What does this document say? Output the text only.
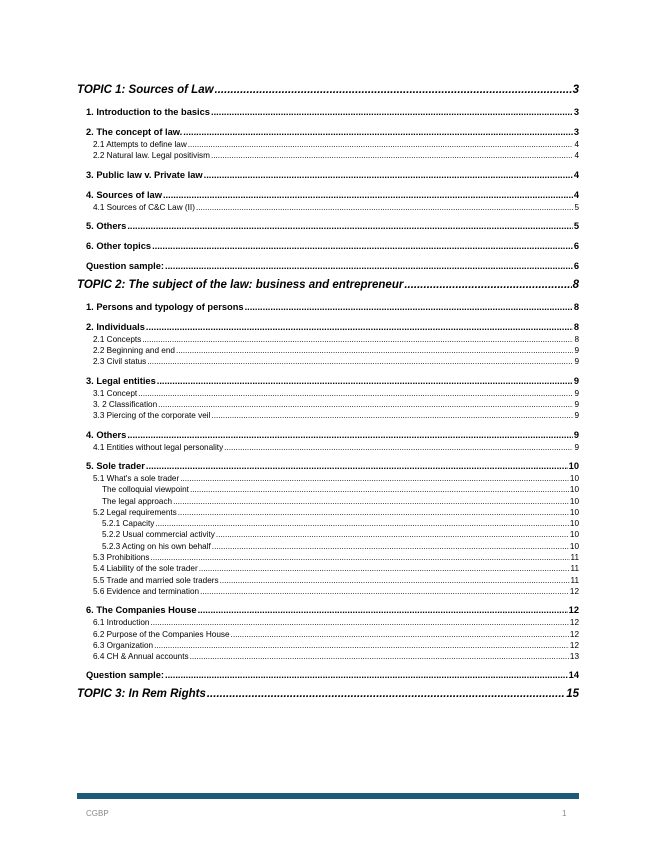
TOPIC 1: Sources of Law .....	3
1. Introduction to the basics .....	3
2. The concept of law. .....	3
2.1 Attempts to define law .....	4
2.2 Natural law. Legal positivism .....	4
3. Public law v. Private law .....	4
4. Sources of law .....	4
4.1 Sources of C&C Law (II) .....	5
5. Others .....	5
6. Other topics .....	6
Question sample: .....	6
TOPIC 2: The subject of the law: business and entrepreneur .....	8
1. Persons and typology of persons .....	8
2. Individuals .....	8
2.1 Concepts .....	8
2.2 Beginning and end .....	9
2.3 Civil status .....	9
3. Legal entities .....	9
3.1 Concept .....	9
3. 2 Classification .....	9
3.3 Piercing of the corporate veil .....	9
4. Others .....	9
4.1 Entities without legal personality .....	9
5. Sole trader .....	10
5.1 What's a sole trader .....	10
The colloquial viewpoint .....	10
The legal approach .....	10
5.2 Legal requirements .....	10
5.2.1 Capacity .....	10
5.2.2 Usual commercial activity .....	10
5.2.3 Acting on his own behalf .....	10
5.3 Prohibitions .....	11
5.4 Liability of the sole trader .....	11
5.5 Trade and married sole traders .....	11
5.6 Evidence and termination .....	12
6. The Companies House .....	12
6.1 Introduction .....	12
6.2 Purpose of the Companies House .....	12
6.3 Organization .....	12
6.4 CH & Annual accounts .....	13
Question sample: .....	14
TOPIC 3: In Rem Rights .....	15
CGBP	1
